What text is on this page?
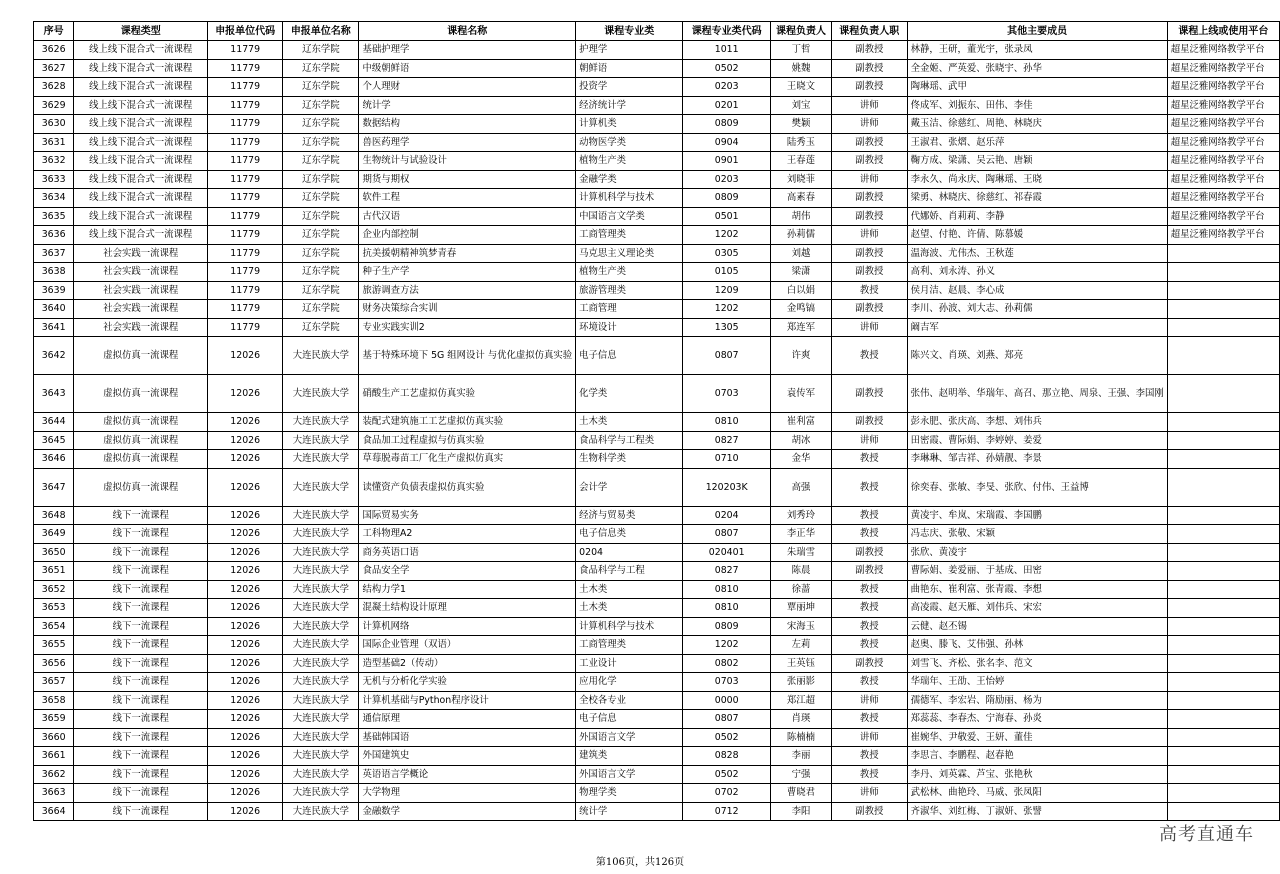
序号	课程类型	申报单位代码	申报单位名称	课程名称	课程专业类	课程专业类代码	课程负责人	课程负责人职	其他主要成员	课程上线或使用平台
3626	线上线下混合式一流课程	11779	辽东学院	基础护理学	护理学	1011	丁哲	副教授	林静，王研，董光宇，张录凤	超星泛雅网络教学平台
3627	线上线下混合式一流课程	11779	辽东学院	中级朝鲜语	朝鲜语	0502	姚魏	副教授	全金姬、严英爱、张晓宇、孙华	超星泛雅网络教学平台
3628	线上线下混合式一流课程	11779	辽东学院	个人理财	投资学	0203	王晓文	副教授	陶琳瑶、武甲	超星泛雅网络教学平台
3629	线上线下混合式一流课程	11779	辽东学院	统计学	经济统计学	0201	刘宝	讲师	佟成军、刘振东、田伟、李佳	超星泛雅网络教学平台
3630	线上线下混合式一流课程	11779	辽东学院	数据结构	计算机类	0809	樊颖	讲师	戴玉洁、徐慈红、周艳、林晓庆	超星泛雅网络教学平台
3631	线上线下混合式一流课程	11779	辽东学院	兽医药理学	动物医学类	0904	陆秀玉	副教授	王淑君、张熠、赵乐萍	超星泛雅网络教学平台
3632	线上线下混合式一流课程	11779	辽东学院	生物统计与试验设计	植物生产类	0901	王春莲	副教授	鞠方成、梁潇、吴云艳、唐颖	超星泛雅网络教学平台
3633	线上线下混合式一流课程	11779	辽东学院	期货与期权	金融学类	0203	刘晓菲	讲师	李永久、尚永庆、陶琳瑶、王晓	超星泛雅网络教学平台
3634	线上线下混合式一流课程	11779	辽东学院	软件工程	计算机科学与技术	0809	高素春	副教授	梁勇、林晓庆、徐慈红、祁春霞	超星泛雅网络教学平台
3635	线上线下混合式一流课程	11779	辽东学院	古代汉语	中国语言文学类	0501	胡伟	副教授	代娜娇、肖莉莉、李静	超星泛雅网络教学平台
3636	线上线下混合式一流课程	11779	辽东学院	企业内部控制	工商管理类	1202	孙莉儒	讲师	赵望、付艳、许倩、陈慕媛	超星泛雅网络教学平台
3637	社会实践一流课程	11779	辽东学院	抗美援朝精神筑梦青春	马克思主义理论类	0305	刘越	副教授	温海波、尤伟杰、王秋莲	
3638	社会实践一流课程	11779	辽东学院	种子生产学	植物生产类	0105	梁潇	副教授	高利、刘永涛、孙义	
3639	社会实践一流课程	11779	辽东学院	旅游调查方法	旅游管理类	1209	白以娟	教授	侯月洁、赵晨、李心成	
3640	社会实践一流课程	11779	辽东学院	财务决策综合实训	工商管理	1202	金鸣镐	副教授	李川、孙波、刘大志、孙莉儒	
3641	社会实践一流课程	11779	辽东学院	专业实践实训2	环境设计	1305	郑连军	讲师	阚吉军	
3642	虚拟仿真一流课程	12026	大连民族大学	基于特殊环境下 5G 组网设计 与优化虚拟仿真实验	电子信息	0807	许爽	教授	陈兴文、肖瑛、刘燕、郑亮	
3643	虚拟仿真一流课程	12026	大连民族大学	硝酸生产工艺虚拟仿真实验	化学类	0703	袁传军	副教授	张伟、赵明举、华瑞年、高召、那立艳、周泉、王强、李国刚	
3644	虚拟仿真一流课程	12026	大连民族大学	装配式建筑施工工艺虚拟仿真实验	土木类	0810	崔利富	副教授	彭永肥、张庆高、李想、刘伟兵	
3645	虚拟仿真一流课程	12026	大连民族大学	食品加工过程虚拟与仿真实验	食品科学与工程类	0827	胡冰	讲师	田密霞、曹际娟、李婷婷、姜爱	
3646	虚拟仿真一流课程	12026	大连民族大学	草莓脱毒苗工厂化生产虚拟仿真实	生物科学类	0710	金华	教授	李琳琳、邹吉祥、孙婧靓、李景	
3647	虚拟仿真一流课程	12026	大连民族大学	读懂资产负债表虚拟仿真实验	会计学	120203K	高强	教授	徐奕春、张敏、李旻、张欣、付伟、王益博	
3648	线下一流课程	12026	大连民族大学	国际贸易实务	经济与贸易类	0204	刘秀玲	教授	黄凌宇、牟岚、宋瑞霞、李国鹏	
3649	线下一流课程	12026	大连民族大学	工科物理A2	电子信息类	0807	李正华	教授	冯志庆、张敬、宋颖	
3650	线下一流课程	12026	大连民族大学	商务英语口语	0204	020401	朱瑞雪	副教授	张欣、黄凌宇	
3651	线下一流课程	12026	大连民族大学	食品安全学	食品科学与工程	0827	陈晨	副教授	曹际娟、姜爱丽、于基成、田密	
3652	线下一流课程	12026	大连民族大学	结构力学1	土木类	0810	徐蔷	教授	曲艳东、崔利富、张青霞、李想	
3653	线下一流课程	12026	大连民族大学	混凝土结构设计原理	土木类	0810	覃丽坤	教授	高凌霞、赵天雁、刘伟兵、宋宏	
3654	线下一流课程	12026	大连民族大学	计算机网络	计算机科学与技术	0809	宋海玉	教授	云健、赵丕锡	
3655	线下一流课程	12026	大连民族大学	国际企业管理（双语）	工商管理类	1202	左莉	教授	赵奥、滕飞、艾伟强、孙林	
3656	线下一流课程	12026	大连民族大学	造型基础2（传动）	工业设计	0802	王英钰	副教授	刘雪飞、齐松、张名李、范文	
3657	线下一流课程	12026	大连民族大学	无机与分析化学实验	应用化学	0703	张丽影	教授	华瑞年、王劭、王怡婷	
3658	线下一流课程	12026	大连民族大学	计算机基础与Python程序设计	全校各专业	0000	郑江超	讲师	孺德军、李宏岩、隋励丽、杨为	
3659	线下一流课程	12026	大连民族大学	通信原理	电子信息	0807	肖瑛	教授	郑蕊蕊、李春杰、宁海春、孙炎	
3660	线下一流课程	12026	大连民族大学	基础韩国语	外国语言文学	0502	陈楠楠	讲师	崔婉华、尹敬爱、王妍、董佳	
3661	线下一流课程	12026	大连民族大学	外国建筑史	建筑类	0828	李丽	教授	李思言、李鹏程、赵春艳	
3662	线下一流课程	12026	大连民族大学	英语语言学概论	外国语言文学	0502	宁强	教授	李丹、刘英霖、芦宝、张艳秋	
3663	线下一流课程	12026	大连民族大学	大学物理	物理学类	0702	曹晓君	讲师	武松林、曲艳玲、马威、张凤阳	
3664	线下一流课程	12026	大连民族大学	金融数学	统计学	0712	李阳	副教授	齐淑华、刘红梅、丁淑妍、张譬	
第106页，共126页
高考直通车
